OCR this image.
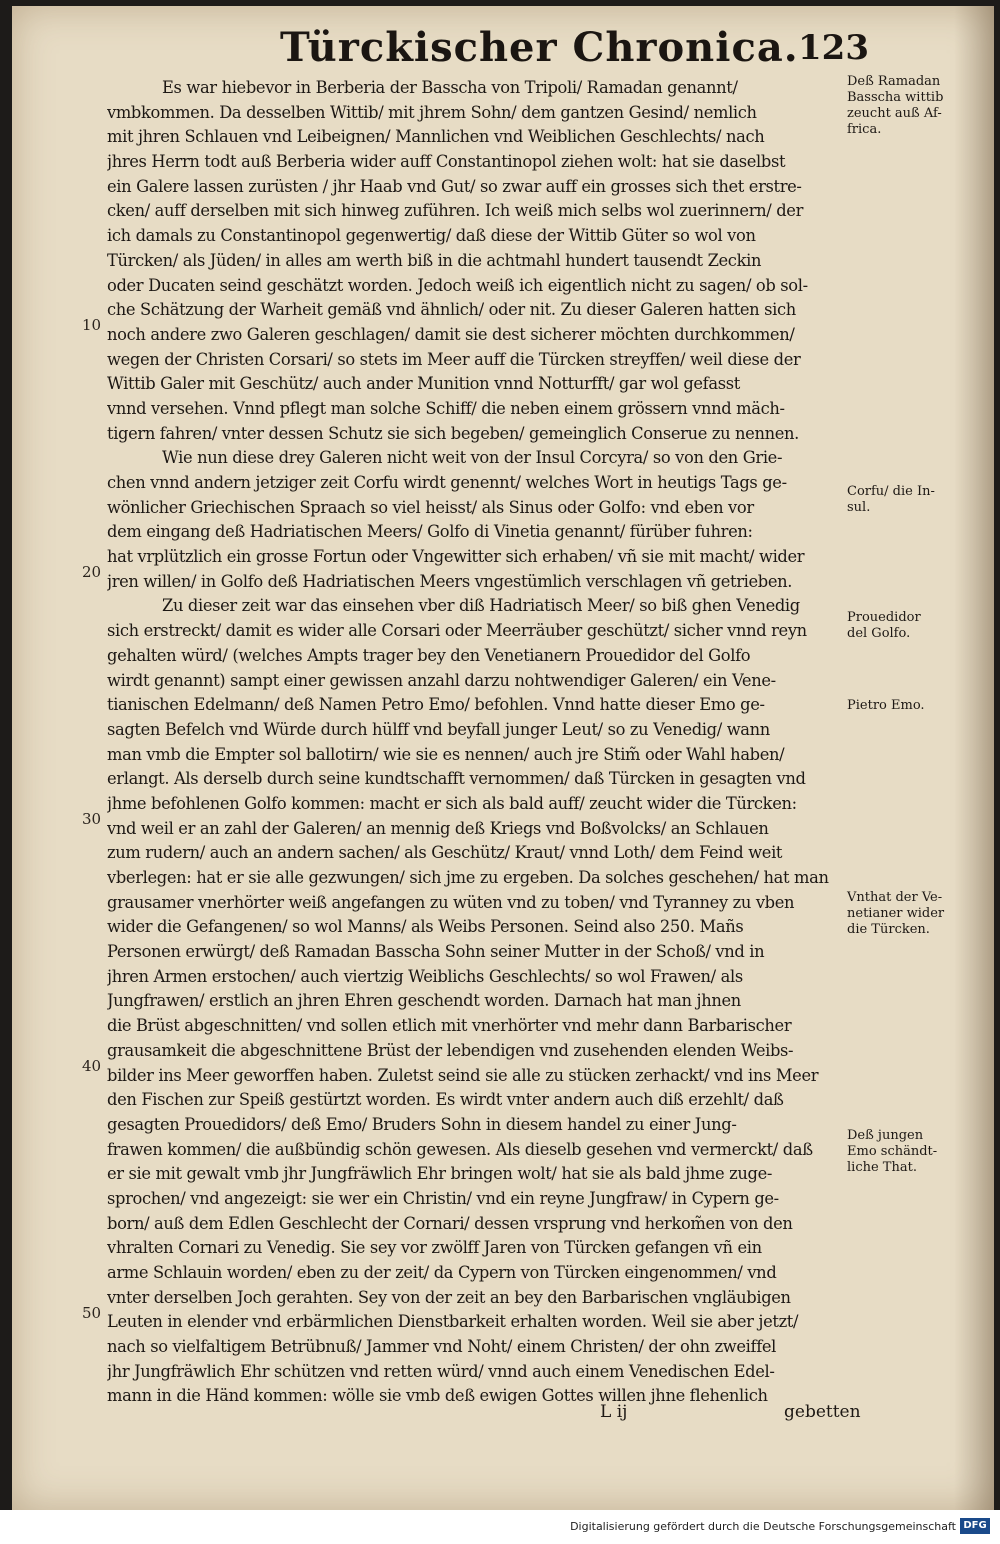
Türckischer Chronica. 123
Es war hiebevor in Berberia der Basscha von Tripoli/ Ramadan genannt/
vmbkommen. Da desselben Wittib/ mit jhrem Sohn/ dem gantzen Gesind/ nemlich
mit jhren Schlauen vnd Leibeignen/ Mannlichen vnd Weiblichen Geschlechts/ nach
jhres Herrn todt auß Berberia wider auff Constantinopol ziehen wolt: hat sie daselbst
ein Galere lassen zurüsten / jhr Haab vnd Gut/ so zwar auff ein grosses sich thet erstre-
cken/ auff derselben mit sich hinweg zuführen. Ich weiß mich selbs wol zuerinnern/ der
ich damals zu Constantinopol gegenwertig/ daß diese der Wittib Güter so wol von
Türcken/ als Jüden/ in alles am werth biß in die achtmahl hundert tausendt Zeckin
oder Ducaten seind geschätzt worden. Jedoch weiß ich eigentlich nicht zu sagen/ ob sol-
che Schätzung der Warheit gemäß vnd ähnlich/ oder nit. Zu dieser Galeren hatten sich
noch andere zwo Galeren geschlagen/ damit sie dest sicherer möchten durchkommen/
wegen der Christen Corsari/ so stets im Meer auff die Türcken streyffen/ weil diese der
Wittib Galer mit Geschütz/ auch ander Munition vnnd Notturfft/ gar wol gefasst
vnnd versehen. Vnnd pflegt man solche Schiff/ die neben einem grössern vnnd mäch-
tigern fahren/ vnter dessen Schutz sie sich begeben/ gemeinglich Conserue zu nennen.
Wie nun diese drey Galeren nicht weit von der Insul Corcyra/ so von den Grie-
chen vnnd andern jetziger zeit Corfu wirdt genennt/ welches Wort in heutigs Tags ge-
wönlicher Griechischen Spraach so viel heisst/ als Sinus oder Golfo: vnd eben vor
dem eingang deß Hadriatischen Meers/ Golfo di Vinetia genannt/ fürüber fuhren:
hat vrplützlich ein grosse Fortun oder Vngewitter sich erhaben/ vñ sie mit macht/ wider
jren willen/ in Golfo deß Hadriatischen Meers vngestümlich verschlagen vñ getrieben.
Zu dieser zeit war das einsehen vber diß Hadriatisch Meer/ so biß ghen Venedig
sich erstreckt/ damit es wider alle Corsari oder Meerräuber geschützt/ sicher vnnd reyn
gehalten würd/ (welches Ampts trager bey den Venetianern Prouedidor del Golfo
wirdt genannt) sampt einer gewissen anzahl darzu nohtwendiger Galeren/ ein Vene-
tianischen Edelmann/ deß Namen Petro Emo/ befohlen. Vnnd hatte dieser Emo ge-
sagten Befelch vnd Würde durch hülff vnd beyfall junger Leut/ so zu Venedig/ wann
man vmb die Empter sol ballotirn/ wie sie es nennen/ auch jre Stim̃ oder Wahl haben/
erlangt. Als derselb durch seine kundtschafft vernommen/ daß Türcken in gesagten vnd
jhme befohlenen Golfo kommen: macht er sich als bald auff/ zeucht wider die Türcken:
vnd weil er an zahl der Galeren/ an mennig deß Kriegs vnd Boßvolcks/ an Schlauen
zum rudern/ auch an andern sachen/ als Geschütz/ Kraut/ vnnd Loth/ dem Feind weit
vberlegen: hat er sie alle gezwungen/ sich jme zu ergeben. Da solches geschehen/ hat man
grausamer vnerhörter weiß angefangen zu wüten vnd zu toben/ vnd Tyranney zu vben
wider die Gefangenen/ so wol Manns/ als Weibs Personen. Seind also 250. Mañs
Personen erwürgt/ deß Ramadan Basscha Sohn seiner Mutter in der Schoß/ vnd in
jhren Armen erstochen/ auch viertzig Weiblichs Geschlechts/ so wol Frawen/ als
Jungfrawen/ erstlich an jhren Ehren geschendt worden. Darnach hat man jhnen
die Brüst abgeschnitten/ vnd sollen etlich mit vnerhörter vnd mehr dann Barbarischer
grausamkeit die abgeschnittene Brüst der lebendigen vnd zusehenden elenden Weibs-
bilder ins Meer geworffen haben. Zuletst seind sie alle zu stücken zerhackt/ vnd ins Meer
den Fischen zur Speiß gestürtzt worden. Es wirdt vnter andern auch diß erzehlt/ daß
gesagten Prouedidors/ deß Emo/ Bruders Sohn in diesem handel zu einer Jung-
frawen kommen/ die außbündig schön gewesen. Als dieselb gesehen vnd vermerckt/ daß
er sie mit gewalt vmb jhr Jungfräwlich Ehr bringen wolt/ hat sie als bald jhme zuge-
sprochen/ vnd angezeigt: sie wer ein Christin/ vnd ein reyne Jungfraw/ in Cypern ge-
born/ auß dem Edlen Geschlecht der Cornari/ dessen vrsprung vnd herkom̃en von den
vhralten Cornari zu Venedig. Sie sey vor zwölff Jaren von Türcken gefangen vñ ein
arme Schlauin worden/ eben zu der zeit/ da Cypern von Türcken eingenommen/ vnd
vnter derselben Joch gerahten. Sey von der zeit an bey den Barbarischen vngläubigen
Leuten in elender vnd erbärmlichen Dienstbarkeit erhalten worden. Weil sie aber jetzt/
nach so vielfaltigem Betrübnuß/ Jammer vnd Noht/ einem Christen/ der ohn zweiffel
jhr Jungfräwlich Ehr schützen vnd retten würd/ vnnd auch einem Venedischen Edel-
mann in die Händ kommen: wölle sie vmb deß ewigen Gottes willen jhne flehenlich
10
20
30
40
50
Deß Ramadan
Basscha wittib
zeucht auß Af-
frica.
Corfu/ die In-
sul.
Prouedidor
del Golfo.
Pietro Emo.
Vnthat der Ve-
netianer wider
die Türcken.
Deß jungen
Emo schändt-
liche That.
L ij	gebetten
Digitalisierung gefördert durch die Deutsche Forschungsgemeinschaft DFG
